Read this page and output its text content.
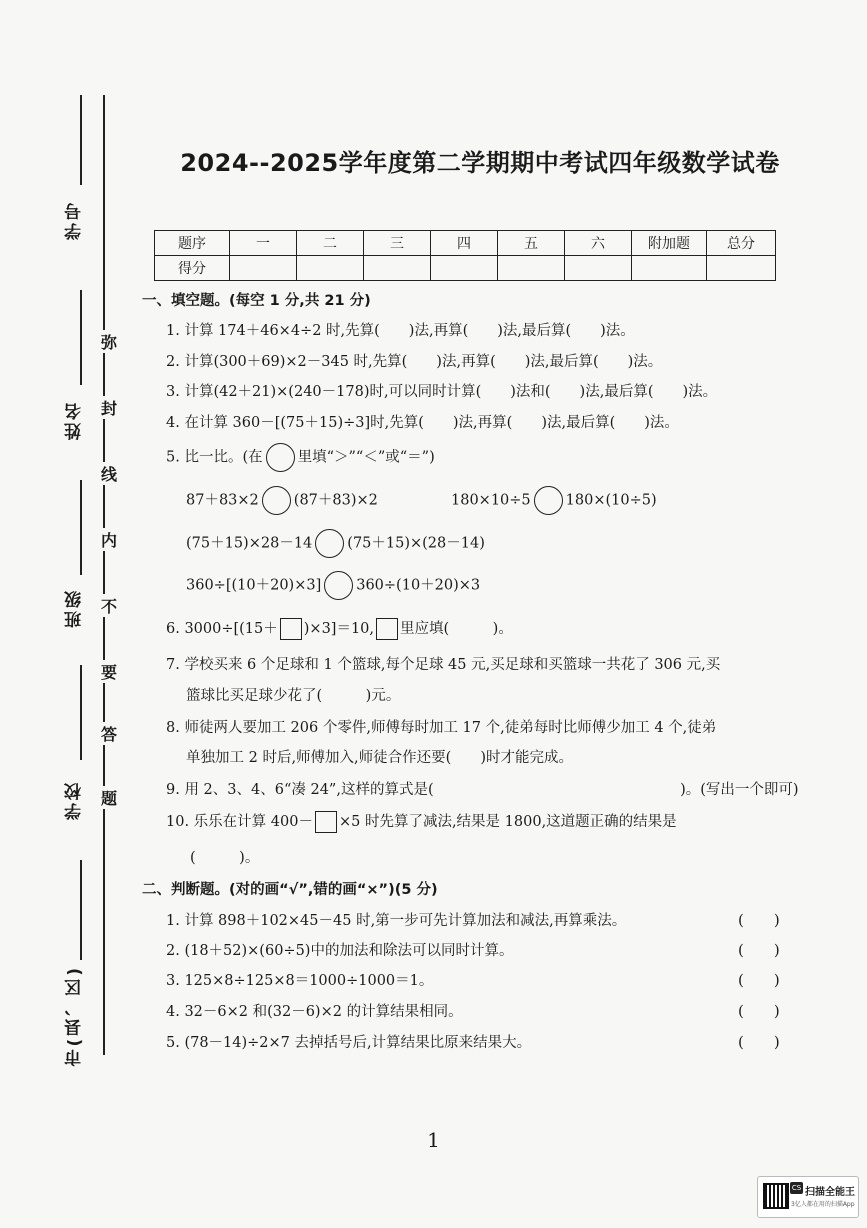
学号
姓名
班级
学校
市(县、区)
弥
封
线
内
不
要
答
题
2024--2025学年度第二学期期中考试四年级数学试卷
题序	一	二	三	四	五	六	附加题	总分
得分								
一、填空题。(每空 1 分,共 21 分)
1. 计算 174＋46×4÷2 时,先算(　　)法,再算(　　)法,最后算(　　)法。
2. 计算(300＋69)×2－345 时,先算(　　)法,再算(　　)法,最后算(　　)法。
3. 计算(42＋21)×(240－178)时,可以同时计算(　　)法和(　　)法,最后算(　　)法。
4. 在计算 360－[(75＋15)÷3]时,先算(　　)法,再算(　　)法,最后算(　　)法。
5. 比一比。(在 里填“＞”“＜”或“＝”)
87＋83×2 (87＋83)×2	180×10÷5 180×(10÷5)
(75＋15)×28－14 (75＋15)×(28－14)
360÷[(10＋20)×3] 360÷(10＋20)×3
6. 3000÷[(15＋ )×3]＝10, 里应填(　　　)。
7. 学校买来 6 个足球和 1 个篮球,每个足球 45 元,买足球和买篮球一共花了 306 元,买
篮球比买足球少花了(　　　)元。
8. 师徒两人要加工 206 个零件,师傅每时加工 17 个,徒弟每时比师傅少加工 4 个,徒弟
单独加工 2 时后,师傅加入,师徒合作还要(　　)时才能完成。
9. 用 2、3、4、6“凑 24”,这样的算式是(　　　　　　　　　　　　　　　　　)。(写出一个即可)
10. 乐乐在计算 400－ ×5 时先算了减法,结果是 1800,这道题正确的结果是
(　　　)。
二、判断题。(对的画“√”,错的画“×”)(5 分)
1. 计算 898＋102×45－45 时,第一步可先计算加法和减法,再算乘法。	(　　)
2. (18＋52)×(60÷5)中的加法和除法可以同时计算。	(　　)
3. 125×8÷125×8＝1000÷1000＝1。	(　　)
4. 32－6×2 和(32－6)×2 的计算结果相同。	(　　)
5. (78－14)÷2×7 去掉括号后,计算结果比原来结果大。	(　　)
1
CS 扫描全能王
3亿人都在用的扫描App
